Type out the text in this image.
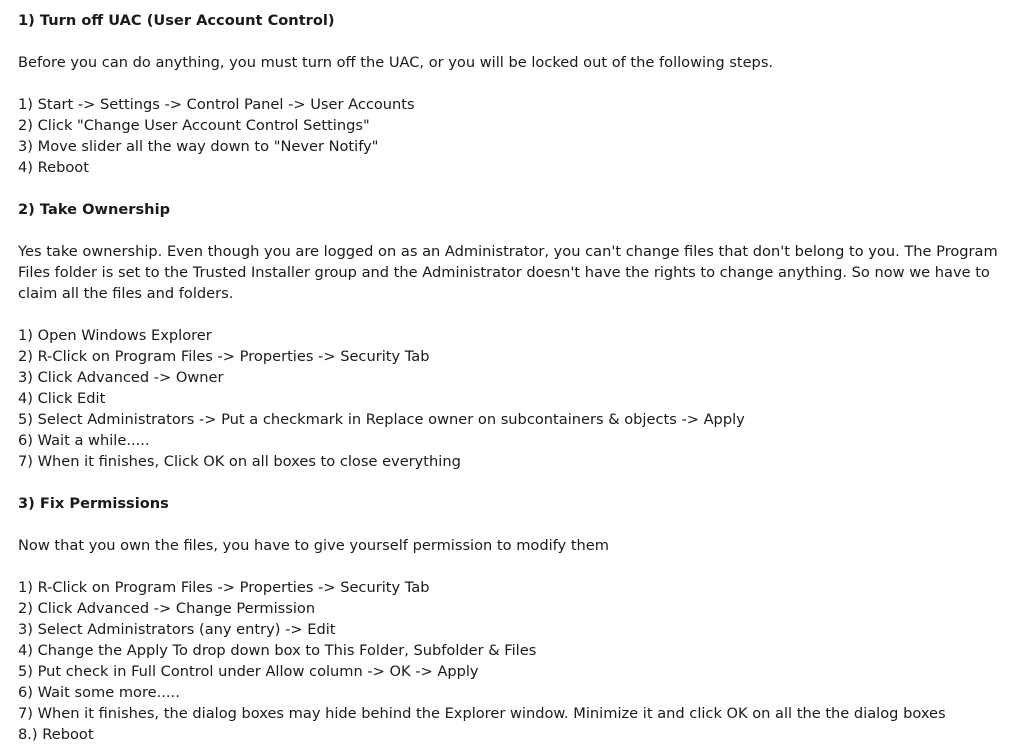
1) Turn off UAC (User Account Control)
Before you can do anything, you must turn off the UAC, or you will be locked out of the following steps.
1) Start -> Settings -> Control Panel -> User Accounts
2) Click "Change User Account Control Settings"
3) Move slider all the way down to "Never Notify"
4) Reboot
2) Take Ownership
Yes take ownership. Even though you are logged on as an Administrator, you can't change files that don't belong to you. The Program Files folder is set to the Trusted Installer group and the Administrator doesn't have the rights to change anything. So now we have to claim all the files and folders.
1) Open Windows Explorer
2) R-Click on Program Files -> Properties -> Security Tab
3) Click Advanced -> Owner
4) Click Edit
5) Select Administrators -> Put a checkmark in Replace owner on subcontainers & objects -> Apply
6) Wait a while.....
7) When it finishes, Click OK on all boxes to close everything
3) Fix Permissions
Now that you own the files, you have to give yourself permission to modify them
1) R-Click on Program Files -> Properties -> Security Tab
2) Click Advanced -> Change Permission
3) Select Administrators (any entry) -> Edit
4) Change the Apply To drop down box to This Folder, Subfolder & Files
5) Put check in Full Control under Allow column -> OK -> Apply
6) Wait some more.....
7) When it finishes, the dialog boxes may hide behind the Explorer window. Minimize it and click OK on all the the dialog boxes
8.) Reboot
